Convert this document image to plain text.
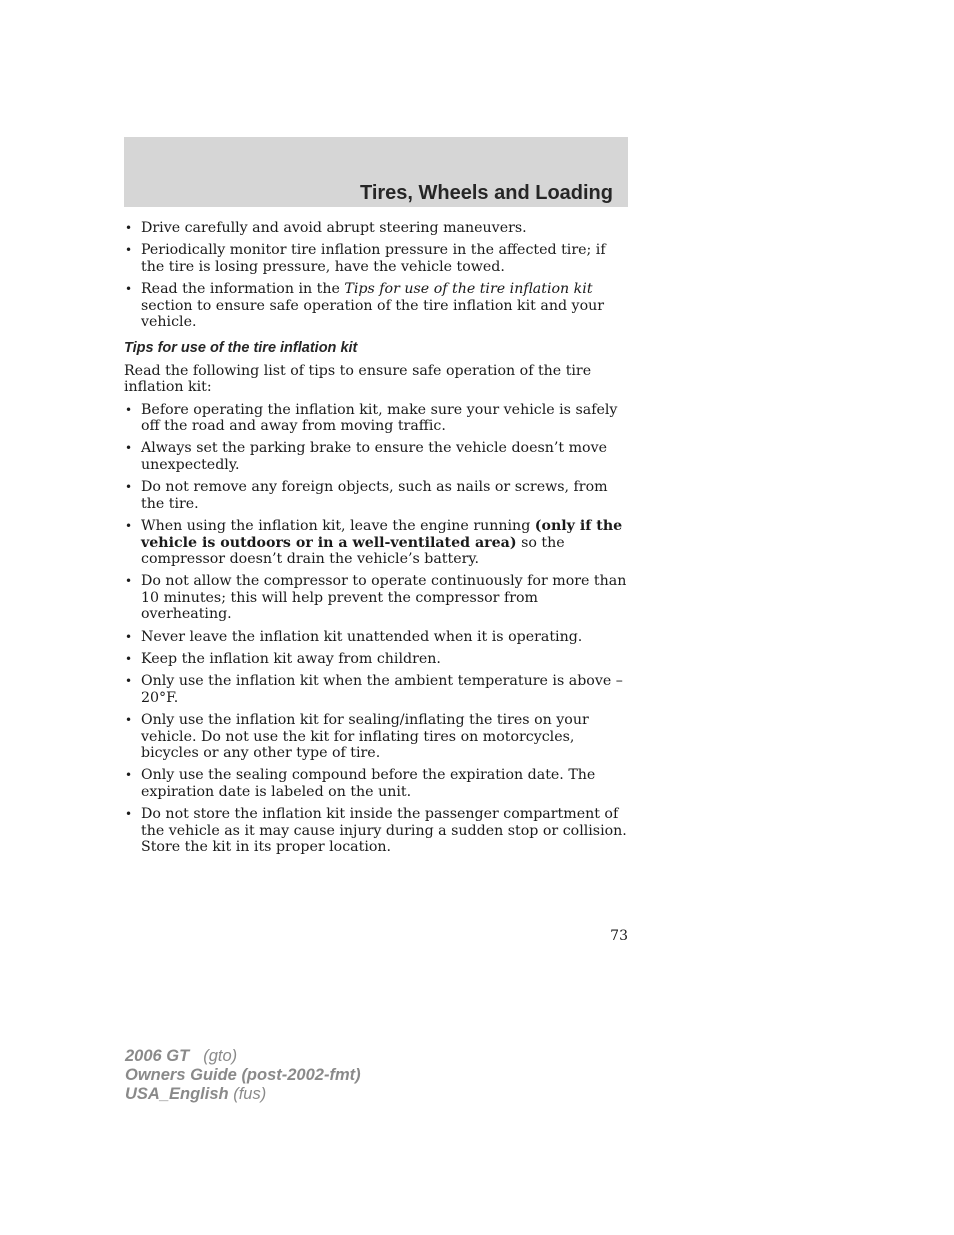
Tires, Wheels and Loading
• Drive carefully and avoid abrupt steering maneuvers.
• Periodically monitor tire inflation pressure in the affected tire; if the tire is losing pressure, have the vehicle towed.
• Read the information in the Tips for use of the tire inflation kit section to ensure safe operation of the tire inflation kit and your vehicle.
Tips for use of the tire inflation kit

Read the following list of tips to ensure safe operation of the tire inflation kit:

• Before operating the inflation kit, make sure your vehicle is safely off the road and away from moving traffic.
• Always set the parking brake to ensure the vehicle doesn’t move unexpectedly.
• Do not remove any foreign objects, such as nails or screws, from the tire.
• When using the inflation kit, leave the engine running (only if the vehicle is outdoors or in a well-ventilated area) so the compressor doesn’t drain the vehicle’s battery.
• Do not allow the compressor to operate continuously for more than 10 minutes; this will help prevent the compressor from overheating.
• Never leave the inflation kit unattended when it is operating.
• Keep the inflation kit away from children.
• Only use the inflation kit when the ambient temperature is above –20°F.
• Only use the inflation kit for sealing/inflating the tires on your vehicle. Do not use the kit for inflating tires on motorcycles, bicycles or any other type of tire.
• Only use the sealing compound before the expiration date. The expiration date is labeled on the unit.
• Do not store the inflation kit inside the passenger compartment of the vehicle as it may cause injury during a sudden stop or collision. Store the kit in its proper location.
73
2006 GT (gto)
Owners Guide (post-2002-fmt)
USA_English (fus)
